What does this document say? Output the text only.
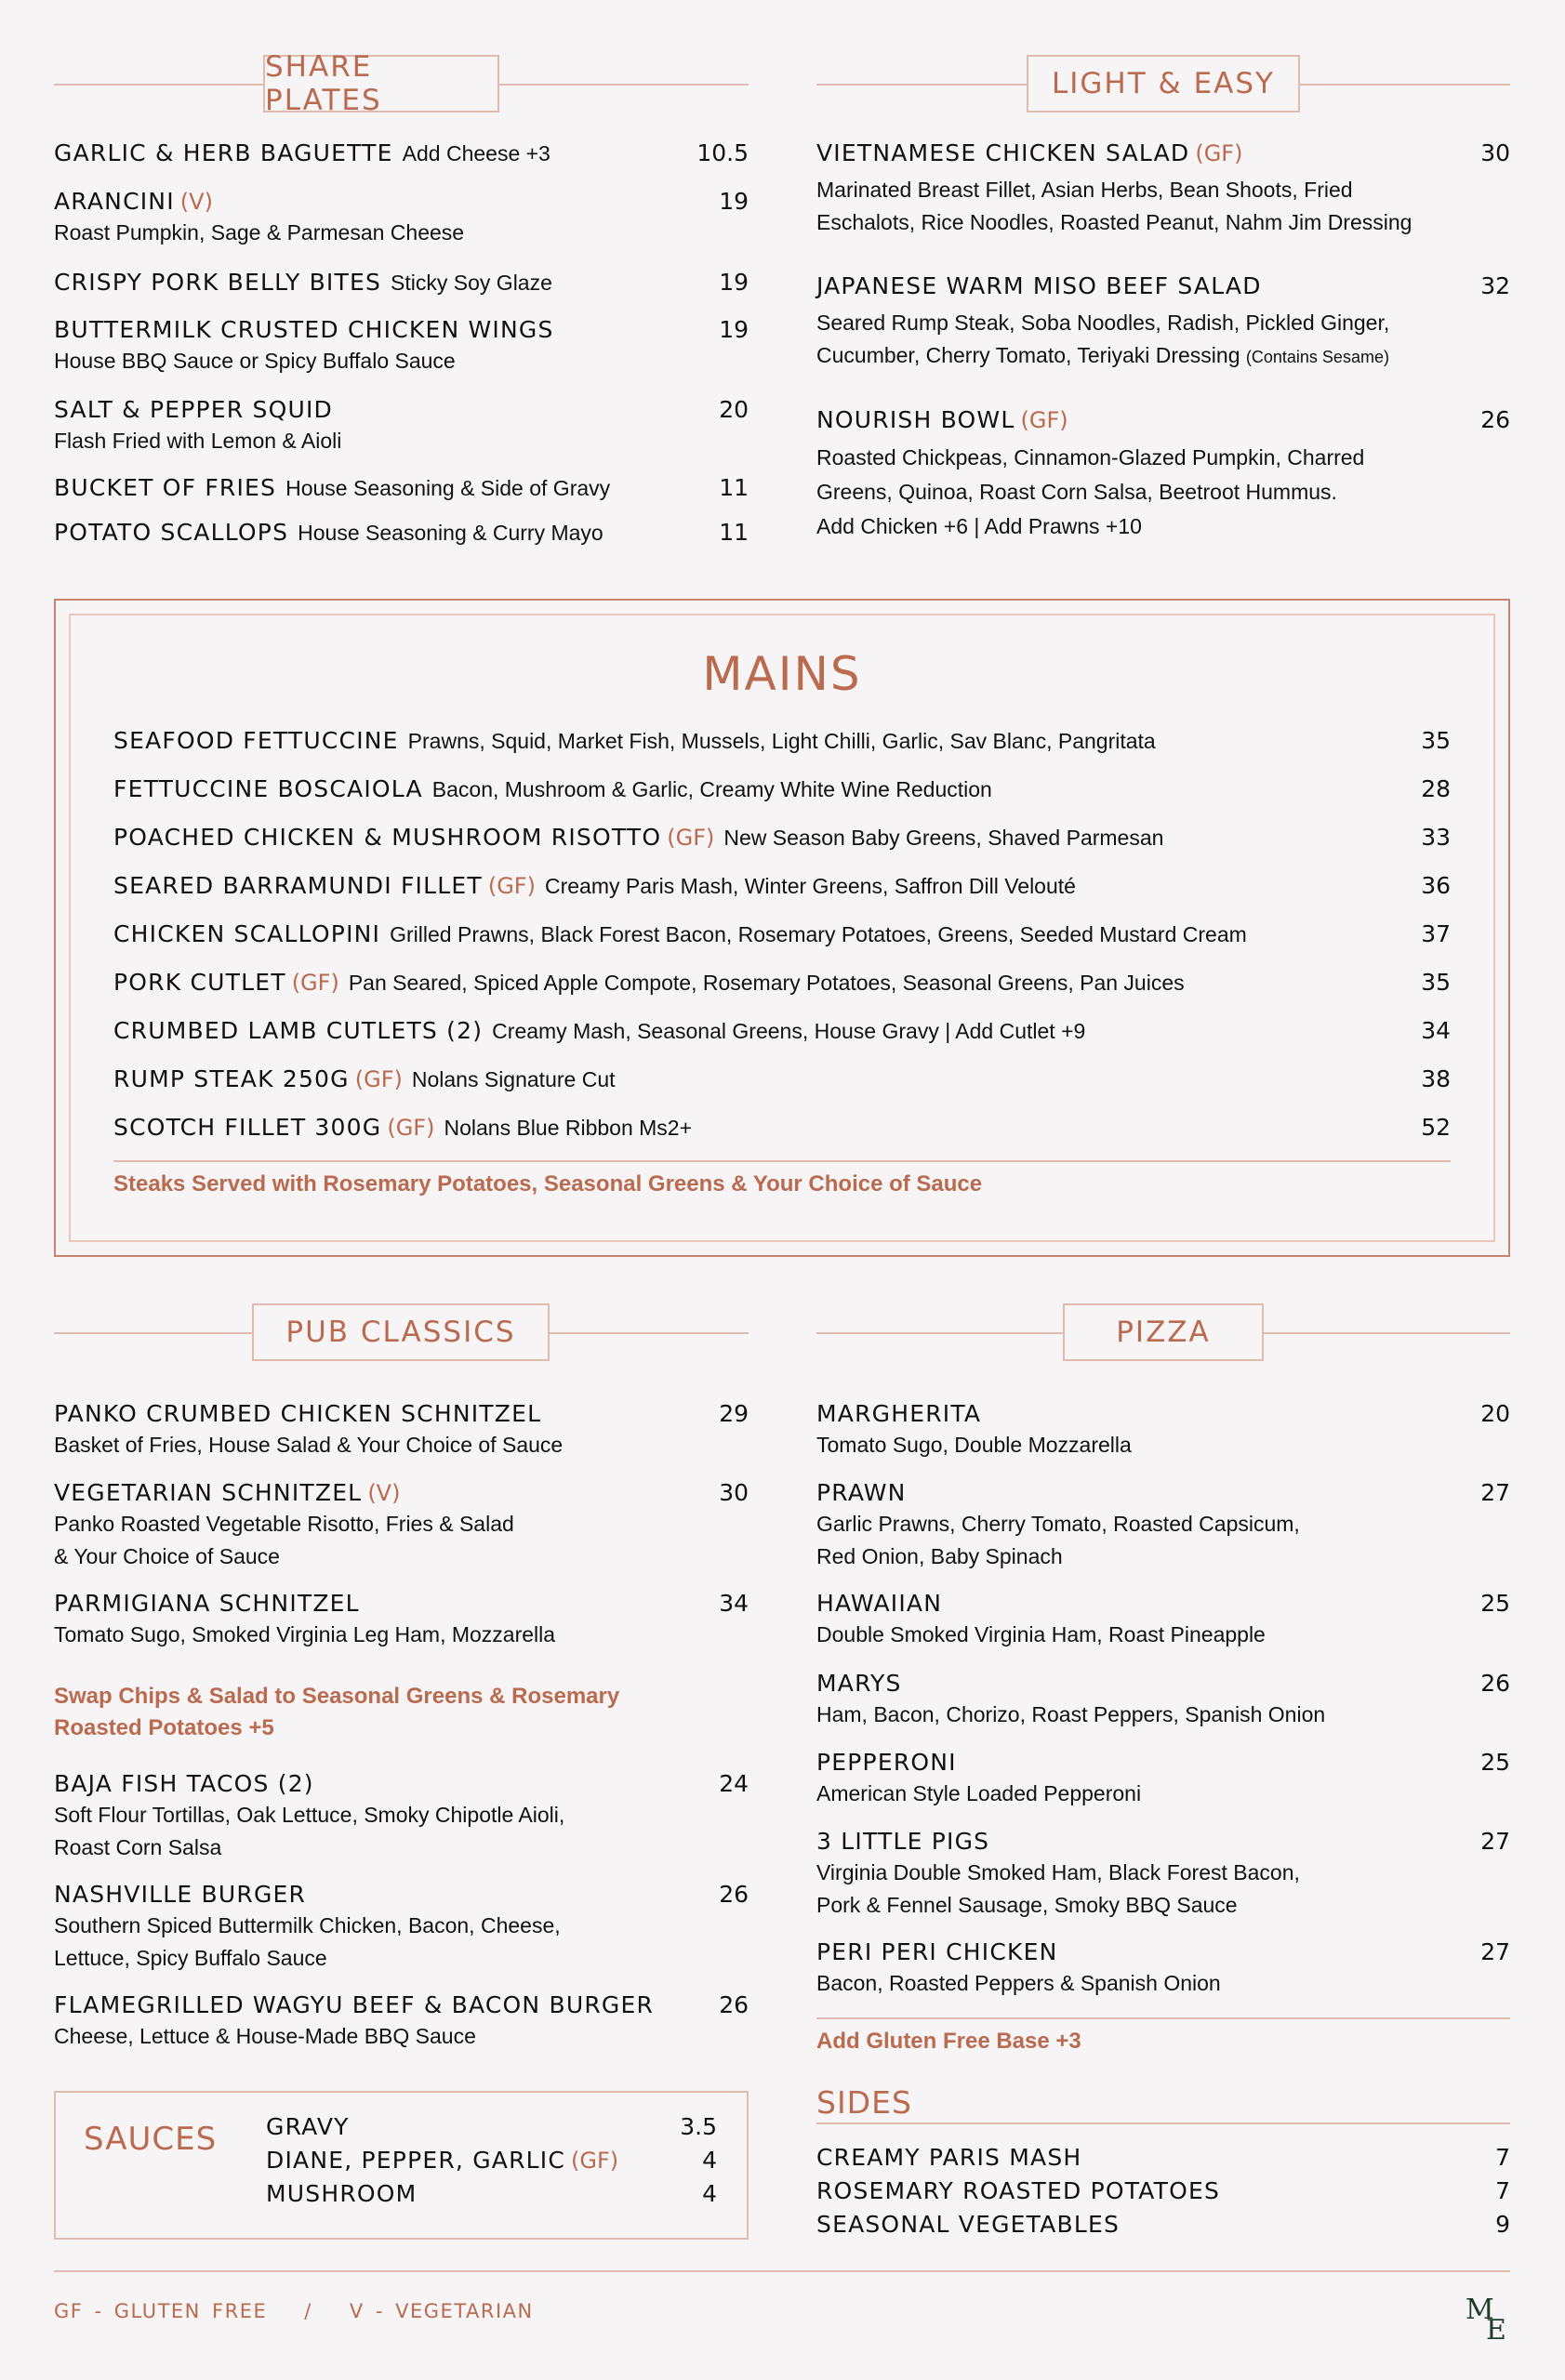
SHARE PLATES
GARLIC & HERB BAGUETTE Add Cheese +3	10.5
ARANCINI (V)	19
Roast Pumpkin, Sage & Parmesan Cheese
CRISPY PORK BELLY BITES Sticky Soy Glaze	19
BUTTERMILK CRUSTED CHICKEN WINGS	19
House BBQ Sauce or Spicy Buffalo Sauce
SALT & PEPPER SQUID	20
Flash Fried with Lemon & Aioli
BUCKET OF FRIES House Seasoning & Side of Gravy	11
POTATO SCALLOPS House Seasoning & Curry Mayo	11
LIGHT & EASY
VIETNAMESE CHICKEN SALAD (GF)	30
Marinated Breast Fillet, Asian Herbs, Bean Shoots, Fried
Eschalots, Rice Noodles, Roasted Peanut, Nahm Jim Dressing
JAPANESE WARM MISO BEEF SALAD	32
Seared Rump Steak, Soba Noodles, Radish, Pickled Ginger,
Cucumber, Cherry Tomato, Teriyaki Dressing (Contains Sesame)
NOURISH BOWL (GF)	26
Roasted Chickpeas, Cinnamon-Glazed Pumpkin, Charred
Greens, Quinoa, Roast Corn Salsa, Beetroot Hummus.
Add Chicken +6 | Add Prawns +10
MAINS
SEAFOOD FETTUCCINE Prawns, Squid, Market Fish, Mussels, Light Chilli, Garlic, Sav Blanc, Pangritata	35
FETTUCCINE BOSCAIOLA Bacon, Mushroom & Garlic, Creamy White Wine Reduction	28
POACHED CHICKEN & MUSHROOM RISOTTO (GF) New Season Baby Greens, Shaved Parmesan	33
SEARED BARRAMUNDI FILLET (GF) Creamy Paris Mash, Winter Greens, Saffron Dill Velouté	36
CHICKEN SCALLOPINI Grilled Prawns, Black Forest Bacon, Rosemary Potatoes, Greens, Seeded Mustard Cream	37
PORK CUTLET (GF) Pan Seared, Spiced Apple Compote, Rosemary Potatoes, Seasonal Greens, Pan Juices	35
CRUMBED LAMB CUTLETS (2) Creamy Mash, Seasonal Greens, House Gravy | Add Cutlet +9	34
RUMP STEAK 250G (GF) Nolans Signature Cut	38
SCOTCH FILLET 300G (GF) Nolans Blue Ribbon Ms2+	52
Steaks Served with Rosemary Potatoes, Seasonal Greens & Your Choice of Sauce
PUB CLASSICS
PANKO CRUMBED CHICKEN SCHNITZEL	29
Basket of Fries, House Salad & Your Choice of Sauce
VEGETARIAN SCHNITZEL (V)	30
Panko Roasted Vegetable Risotto, Fries & Salad
& Your Choice of Sauce
PARMIGIANA SCHNITZEL	34
Tomato Sugo, Smoked Virginia Leg Ham, Mozzarella
Swap Chips & Salad to Seasonal Greens & Rosemary
Roasted Potatoes +5
BAJA FISH TACOS (2)	24
Soft Flour Tortillas, Oak Lettuce, Smoky Chipotle Aioli,
Roast Corn Salsa
NASHVILLE BURGER	26
Southern Spiced Buttermilk Chicken, Bacon, Cheese,
Lettuce, Spicy Buffalo Sauce
FLAMEGRILLED WAGYU BEEF & BACON BURGER	26
Cheese, Lettuce & House-Made BBQ Sauce
PIZZA
MARGHERITA	20
Tomato Sugo, Double Mozzarella
PRAWN	27
Garlic Prawns, Cherry Tomato, Roasted Capsicum,
Red Onion, Baby Spinach
HAWAIIAN	25
Double Smoked Virginia Ham, Roast Pineapple
MARYS	26
Ham, Bacon, Chorizo, Roast Peppers, Spanish Onion
PEPPERONI	25
American Style Loaded Pepperoni
3 LITTLE PIGS	27
Virginia Double Smoked Ham, Black Forest Bacon,
Pork & Fennel Sausage, Smoky BBQ Sauce
PERI PERI CHICKEN	27
Bacon, Roasted Peppers & Spanish Onion
Add Gluten Free Base +3
SAUCES GRAVY	3.5
DIANE, PEPPER, GARLIC (GF)	4
MUSHROOM	4
SIDES
CREAMY PARIS MASH	7
ROSEMARY ROASTED POTATOES	7
SEASONAL VEGETABLES	9
GF - GLUTEN FREE / V - VEGETARIAN	M
E
